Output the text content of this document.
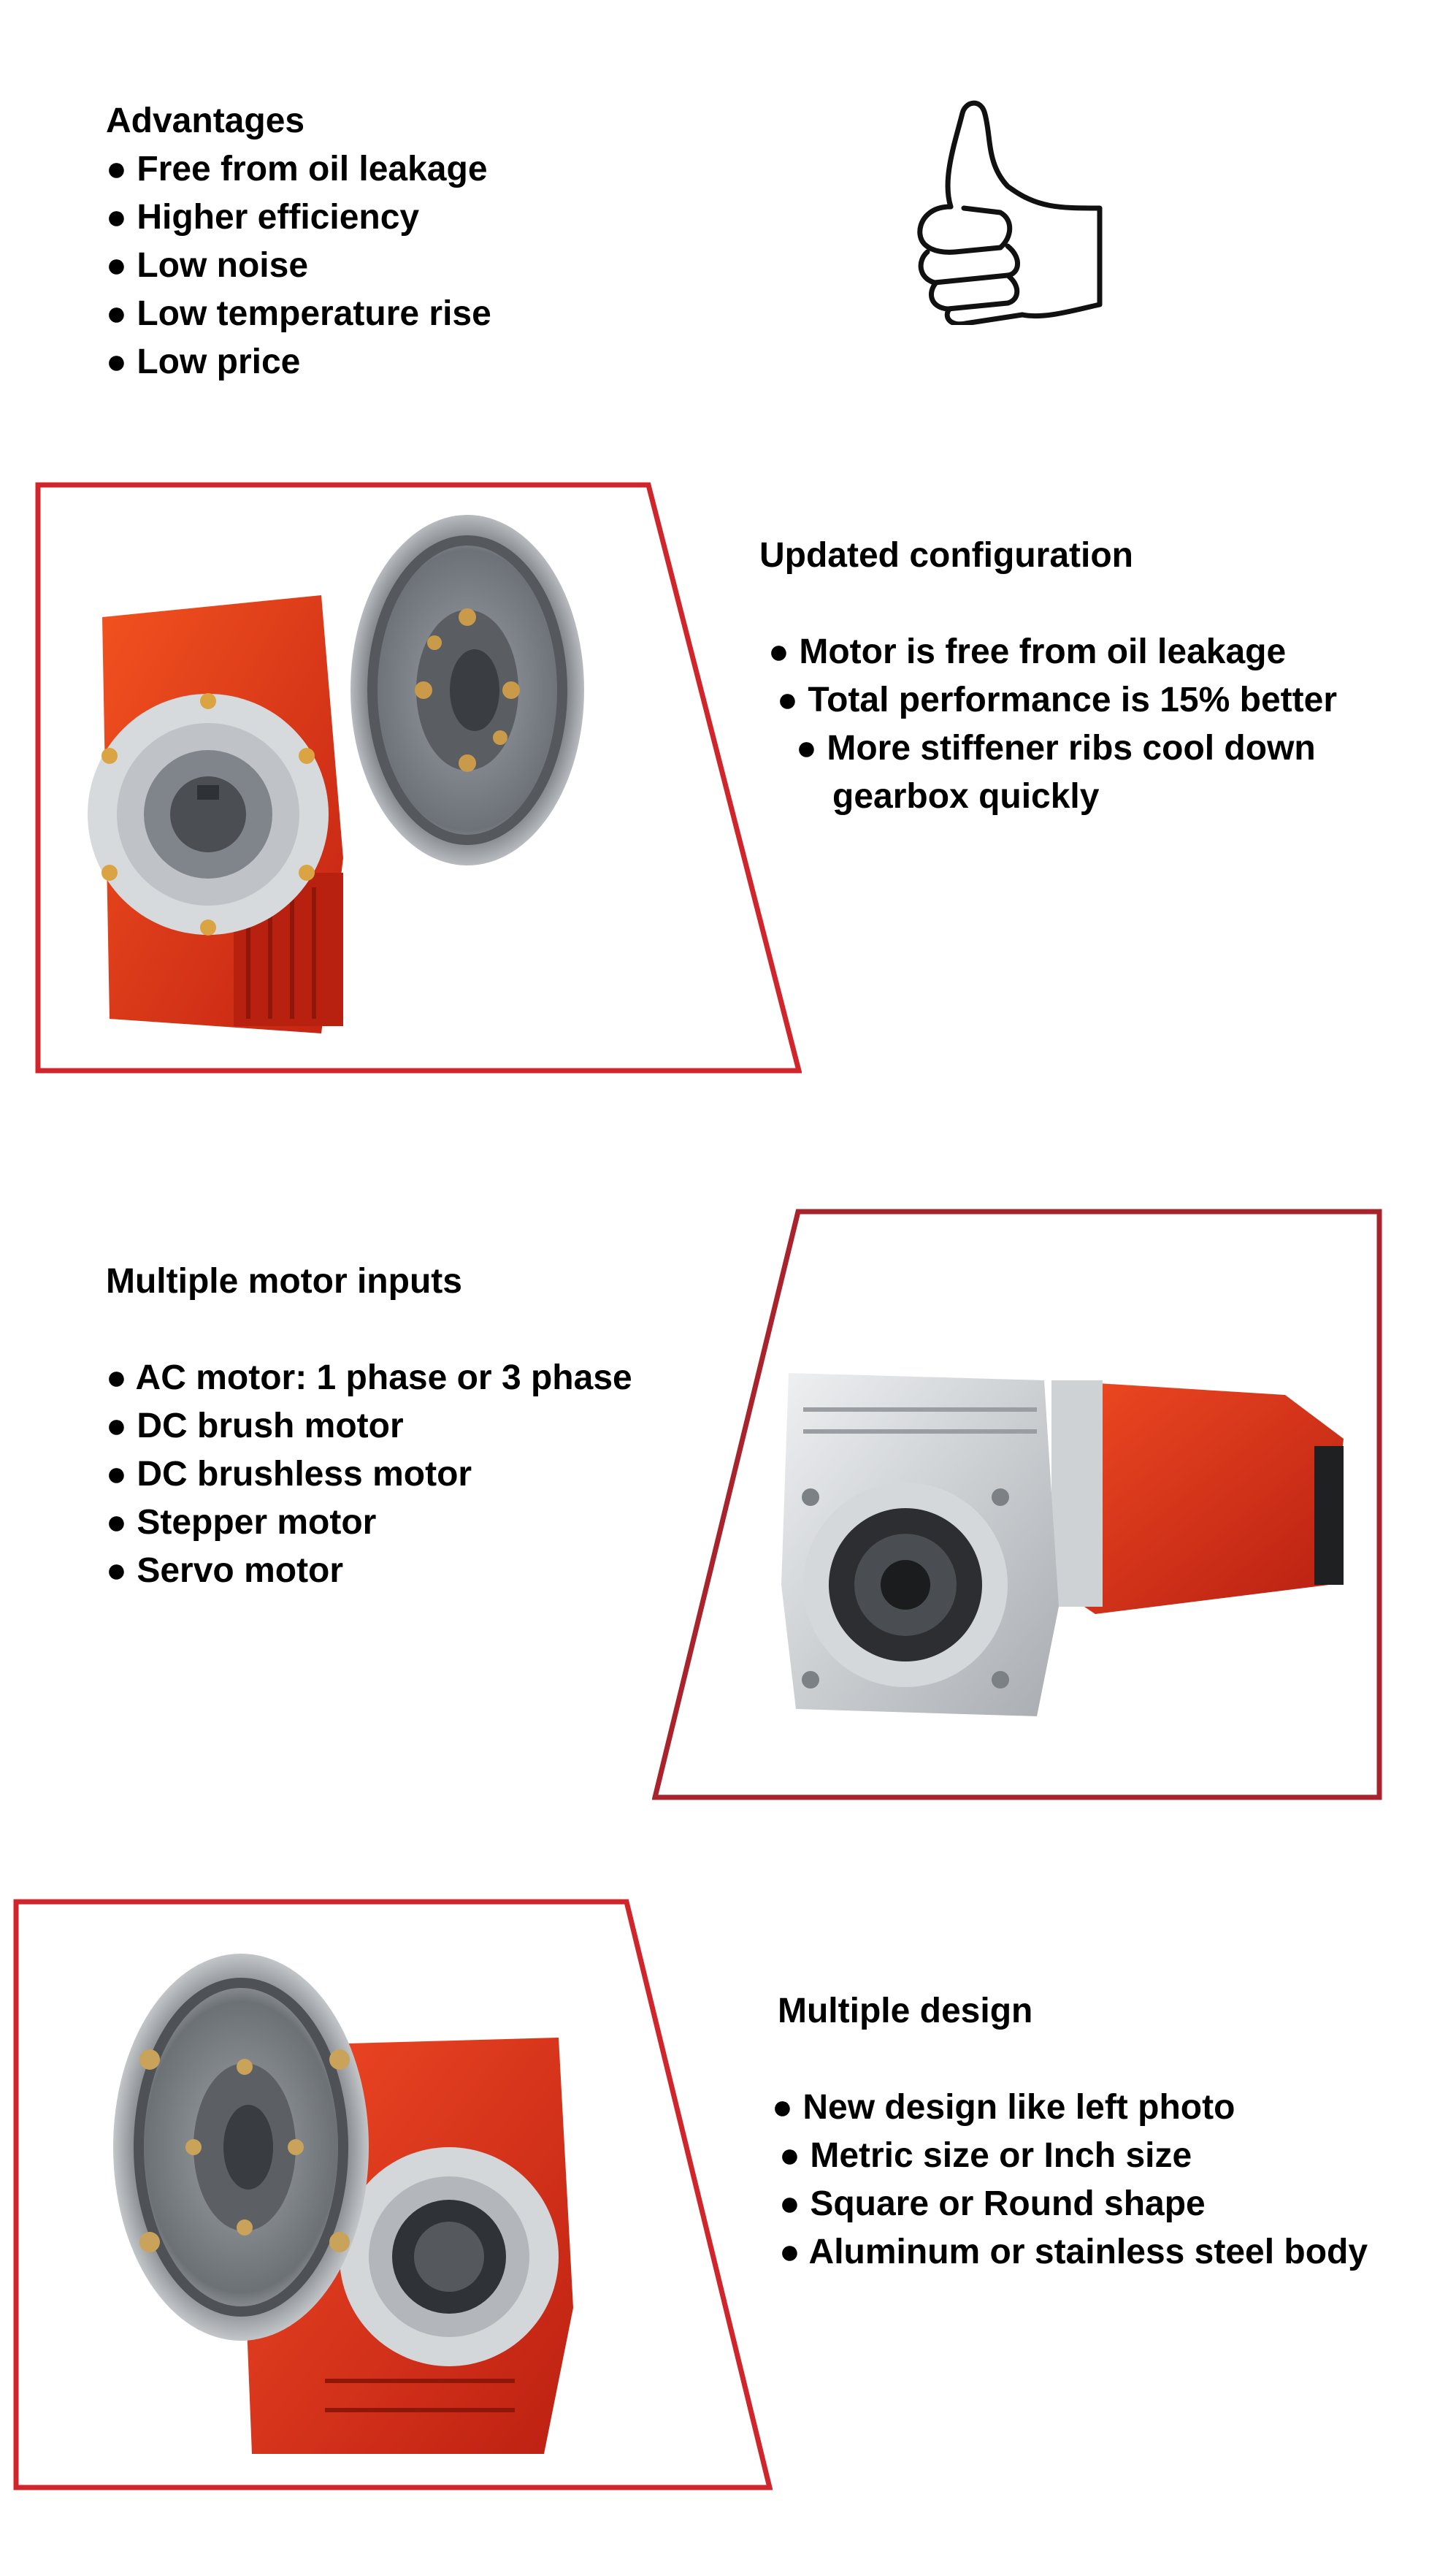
Advantages
● Free from oil leakage
● Higher efficiency
● Low noise
● Low temperature rise
● Low price
Updated configuration
● Motor is free from oil leakage
● Total performance is 15% better
● More stiffener ribs cool down
gearbox quickly
Multiple motor inputs
● AC motor: 1 phase or 3 phase
● DC brush motor
● DC brushless motor
● Stepper motor
● Servo motor
Multiple design
● New design like left photo
● Metric size or Inch size
● Square or Round shape
● Aluminum or stainless steel body
